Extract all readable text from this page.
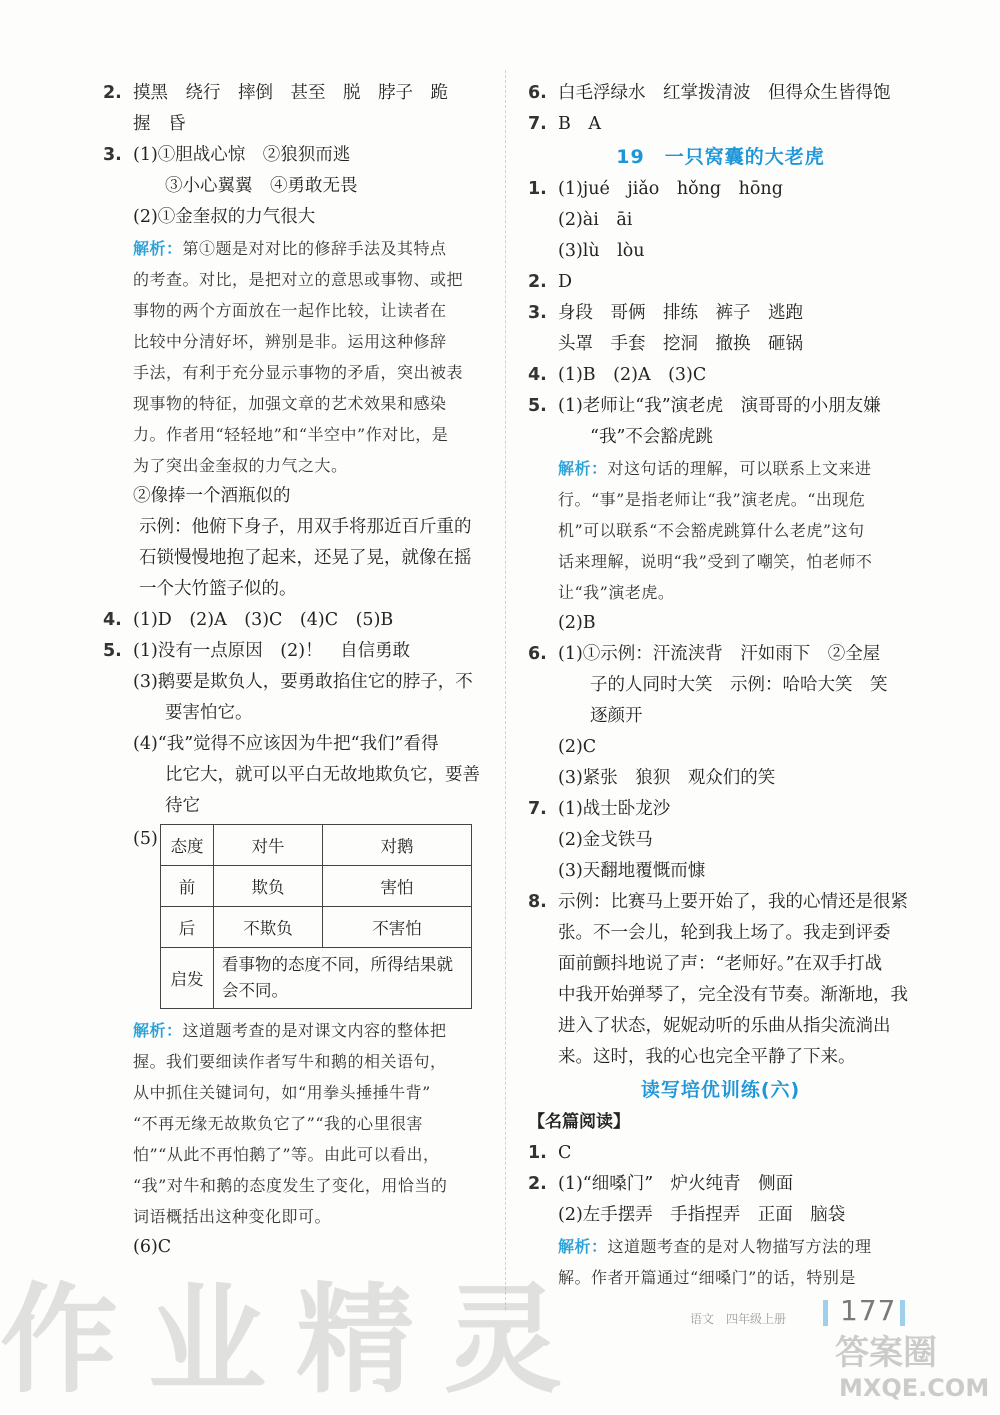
2. 摸黑　绕行　摔倒　甚至　脱　脖子　跪
握　昏
3. (1)①胆战心惊　②狼狈而逃
③小心翼翼　④勇敢无畏
(2)①金奎叔的力气很大
解析：第①题是对对比的修辞手法及其特点
的考查。对比，是把对立的意思或事物、或把
事物的两个方面放在一起作比较，让读者在
比较中分清好坏，辨别是非。运用这种修辞
手法，有利于充分显示事物的矛盾，突出被表
现事物的特征，加强文章的艺术效果和感染
力。作者用“轻轻地”和“半空中”作对比，是
为了突出金奎叔的力气之大。
②像捧一个酒瓶似的
示例：他俯下身子，用双手将那近百斤重的
石锁慢慢地抱了起来，还晃了晃，就像在摇
一个大竹篮子似的。
4. (1)D　(2)A　(3)C　(4)C　(5)B
5. (1)没有一点原因　(2)！　自信勇敢
(3)鹅要是欺负人，要勇敢掐住它的脖子，不
要害怕它。
(4)“我”觉得不应该因为牛把“我们”看得
比它大，就可以平白无故地欺负它，要善
待它
(5) 态度	对牛	对鹅
前	欺负	害怕
后	不欺负	不害怕
启发	看事物的态度不同，所得结果就会不同。	
解析：这道题考查的是对课文内容的整体把
握。我们要细读作者写牛和鹅的相关语句，
从中抓住关键词句，如“用拳头捶捶牛背”
“不再无缘无故欺负它了”“我的心里很害
怕”“从此不再怕鹅了”等。由此可以看出，
“我”对牛和鹅的态度发生了变化，用恰当的
词语概括出这种变化即可。
(6)C
6. 白毛浮绿水　红掌拨清波　但得众生皆得饱
7. B　A
19　一只窝囊的大老虎
1. (1)jué　jiǎo　hǒng　hōng
(2)ài　āi
(3)lù　lòu
2. D
3. 身段　哥俩　排练　裤子　逃跑
头罩　手套　挖洞　撤换　砸锅
4. (1)B　(2)A　(3)C
5. (1)老师让“我”演老虎　演哥哥的小朋友嫌
“我”不会豁虎跳
解析：对这句话的理解，可以联系上文来进
行。“事”是指老师让“我”演老虎。“出现危
机”可以联系“不会豁虎跳算什么老虎”这句
话来理解，说明“我”受到了嘲笑，怕老师不
让“我”演老虎。
(2)B
6. (1)①示例：汗流浃背　汗如雨下　②全屋
子的人同时大笑　示例：哈哈大笑　笑
逐颜开
(2)C
(3)紧张　狼狈　观众们的笑
7. (1)战士卧龙沙
(2)金戈铁马
(3)天翻地覆慨而慷
8. 示例：比赛马上要开始了，我的心情还是很紧
张。不一会儿，轮到我上场了。我走到评委
面前颤抖地说了声：“老师好。”在双手打战
中我开始弹琴了，完全没有节奏。渐渐地，我
进入了状态，妮妮动听的乐曲从指尖流淌出
来。这时，我的心也完全平静了下来。
读写培优训练(六)
【名篇阅读】
1. C
2. (1)“细嗓门”　炉火纯青　侧面
(2)左手摆弄　手指捏弄　正面　脑袋
解析：这道题考查的是对人物描写方法的理
解。作者开篇通过“细嗓门”的话，特别是
语文　四年级上册 177
作业精灵	答案圈
MXQE.COM
